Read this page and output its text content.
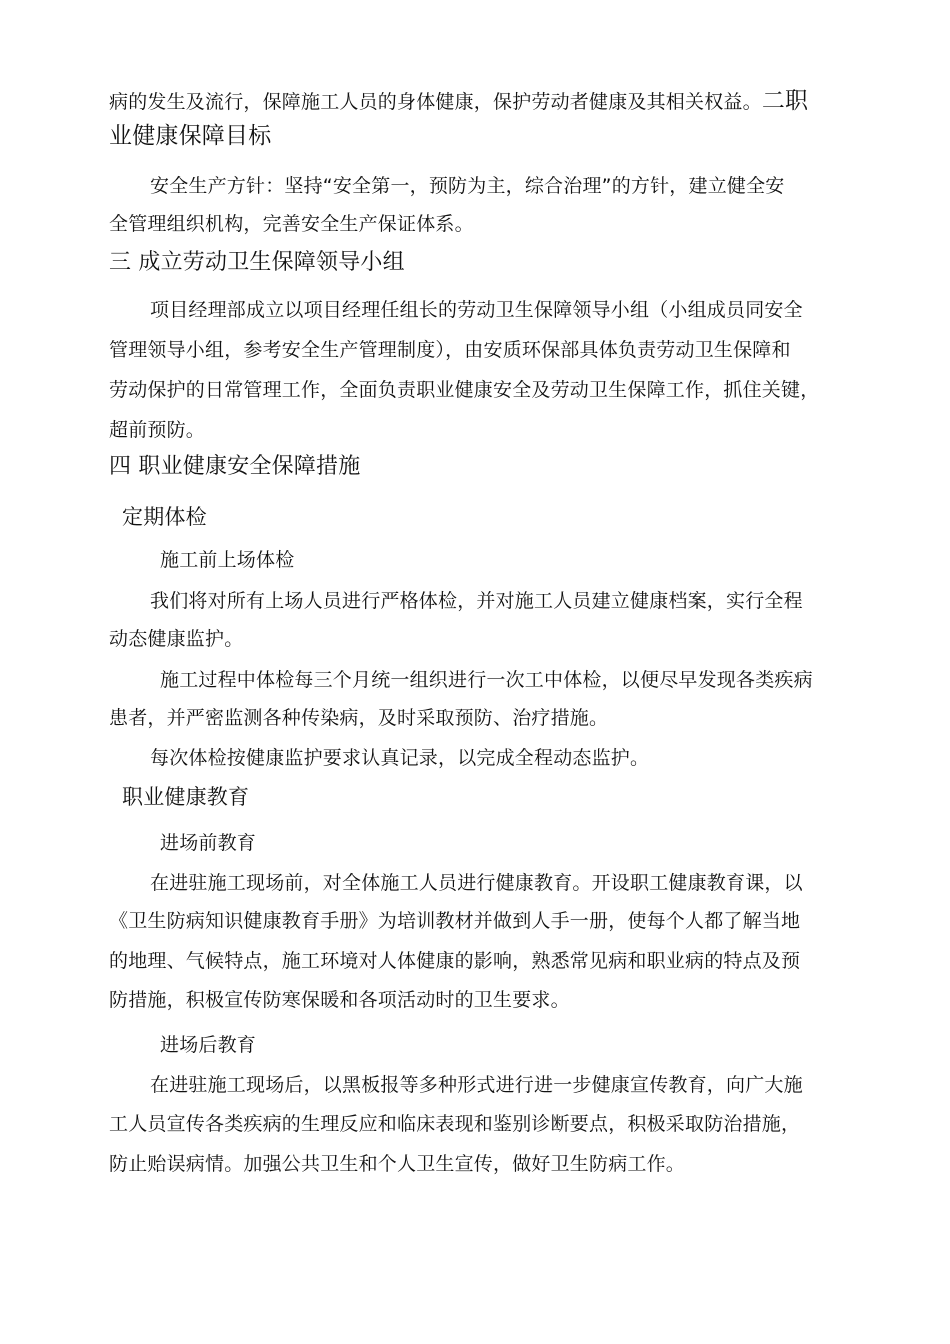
病的发生及流行，保障施工人员的身体健康，保护劳动者健康及其相关权益。二职
业健康保障目标
安全生产方针：坚持“安全第一，预防为主，综合治理”的方针，建立健全安
全管理组织机构，完善安全生产保证体系。
三 成立劳动卫生保障领导小组
项目经理部成立以项目经理任组长的劳动卫生保障领导小组（小组成员同安全
管理领导小组，参考安全生产管理制度），由安质环保部具体负责劳动卫生保障和
劳动保护的日常管理工作，全面负责职业健康安全及劳动卫生保障工作，抓住关键，
超前预防。
四 职业健康安全保障措施
定期体检
施工前上场体检
我们将对所有上场人员进行严格体检，并对施工人员建立健康档案，实行全程
动态健康监护。
施工过程中体检每三个月统一组织进行一次工中体检，以便尽早发现各类疾病
患者，并严密监测各种传染病，及时采取预防、治疗措施。
每次体检按健康监护要求认真记录，以完成全程动态监护。
职业健康教育
进场前教育
在进驻施工现场前，对全体施工人员进行健康教育。开设职工健康教育课，以
《卫生防病知识健康教育手册》为培训教材并做到人手一册，使每个人都了解当地
的地理、气候特点，施工环境对人体健康的影响，熟悉常见病和职业病的特点及预
防措施，积极宣传防寒保暖和各项活动时的卫生要求。
进场后教育
在进驻施工现场后，以黑板报等多种形式进行进一步健康宣传教育，向广大施
工人员宣传各类疾病的生理反应和临床表现和鉴别诊断要点，积极采取防治措施，
防止贻误病情。加强公共卫生和个人卫生宣传，做好卫生防病工作。
